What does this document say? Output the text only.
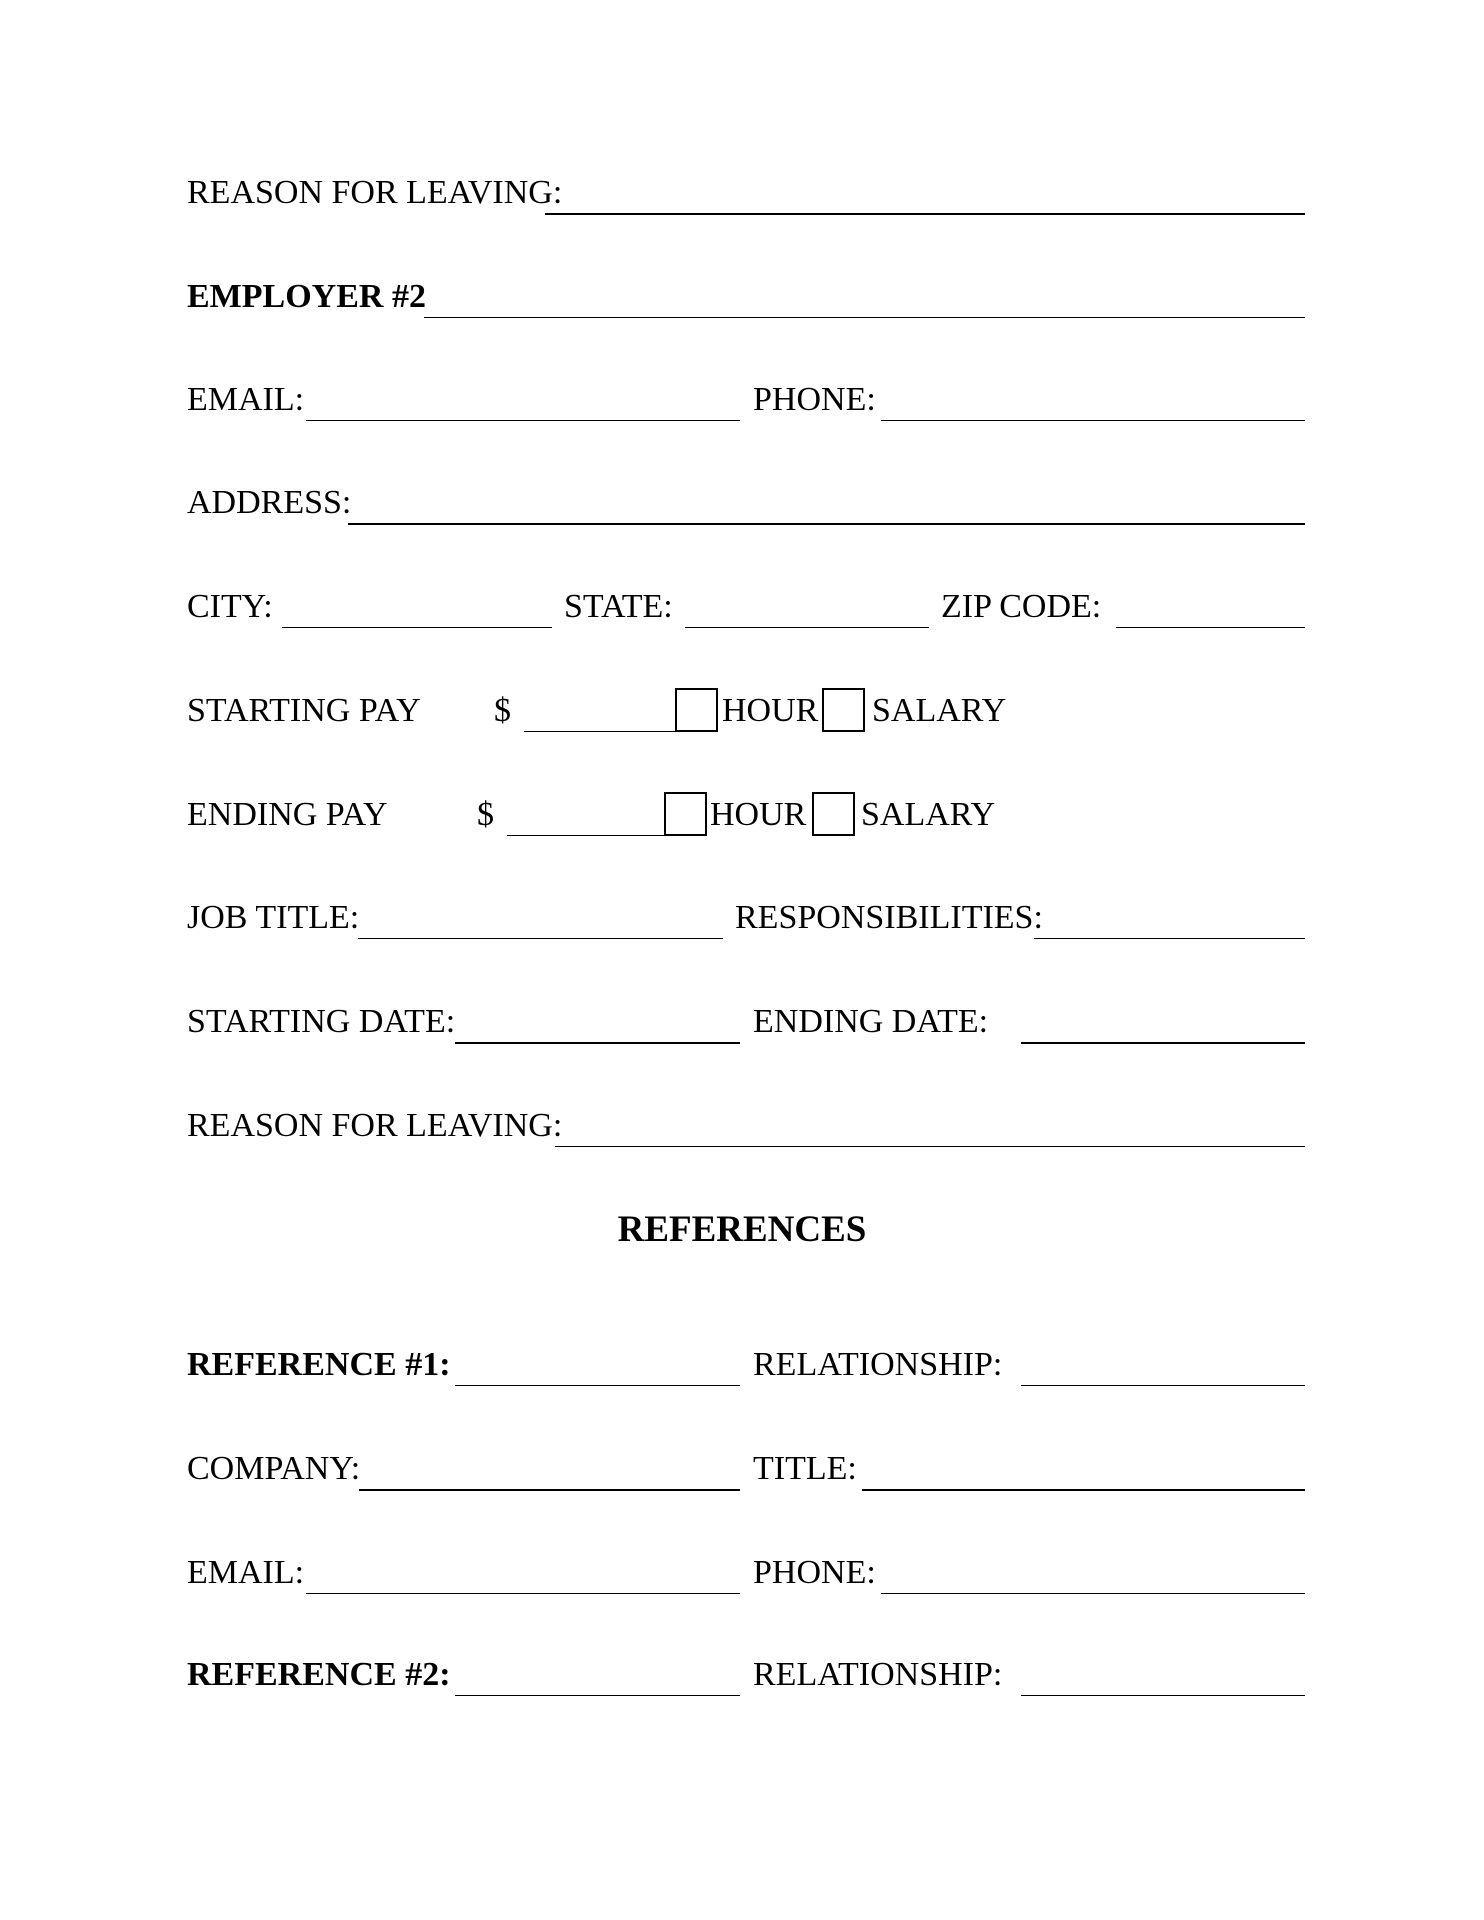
REASON FOR LEAVING:
EMPLOYER #2
EMAIL:	PHONE:
ADDRESS:
CITY:	STATE:	ZIP CODE:
STARTING PAY $	HOUR SALARY
ENDING PAY	$	HOUR SALARY
JOB TITLE:	RESPONSIBILITIES:
STARTING DATE:	ENDING DATE:
REASON FOR LEAVING:
REFERENCES
REFERENCE #1:	RELATIONSHIP:
COMPANY:	TITLE:
EMAIL:	PHONE:
REFERENCE #2:	RELATIONSHIP:
